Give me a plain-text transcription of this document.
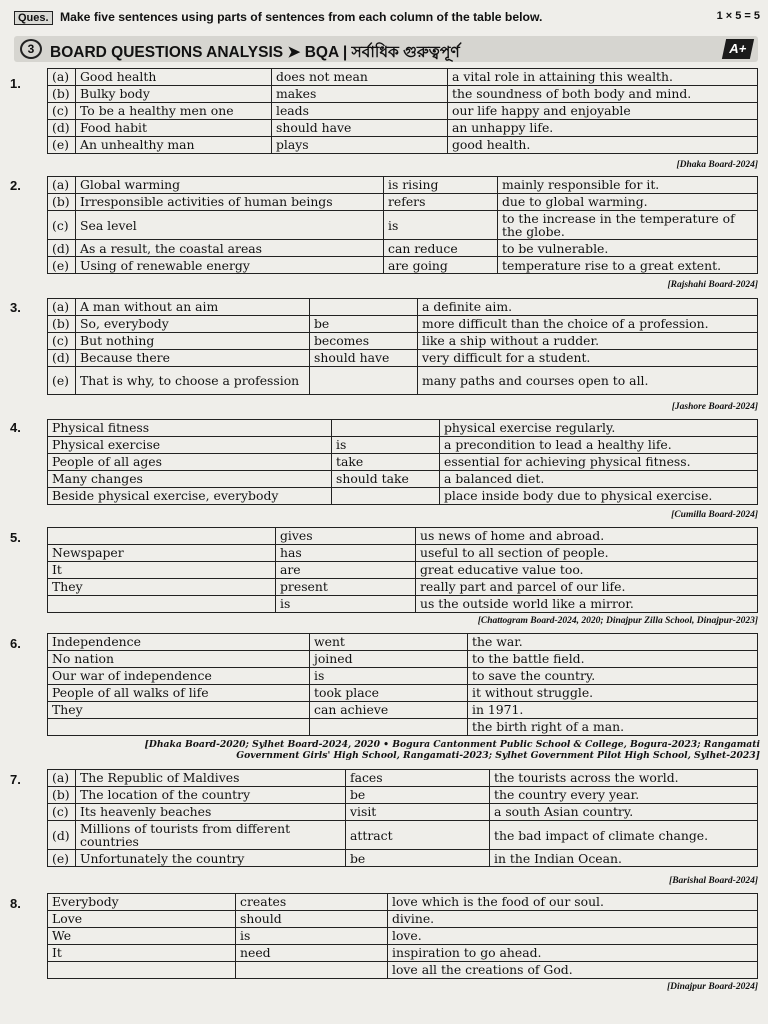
Ques. Make five sentences using parts of sentences from each column of the table below.	1 × 5 = 5
3	BOARD QUESTIONS ANALYSIS ➤ BQA | সর্বাধিক গুরুত্বপূর্ণ	A+
1.	(a)	Good health	does not mean	a vital role in attaining this wealth.
(b)	Bulky body	makes	the soundness of both body and mind.
(c)	To be a healthy men one	leads	our life happy and enjoyable
(d)	Food habit	should have	an unhappy life.
(e)	An unhealthy man	plays	good health.
[Dhaka Board-2024]
2.	(a)	Global warming	is rising	mainly responsible for it.
(b)	Irresponsible activities of human beings	refers	due to global warming.
(c)	Sea level	is	to the increase in the temperature of the globe.
(d)	As a result, the coastal areas	can reduce	to be vulnerable.
(e)	Using of renewable energy	are going	temperature rise to a great extent.
[Rajshahi Board-2024]
3.	(a)	A man without an aim		a definite aim.
(b)	So, everybody	be	more difficult than the choice of a profession.
(c)	But nothing	becomes	like a ship without a rudder.
(d)	Because there	should have	very difficult for a student.
(e)	That is why, to choose a profession		many paths and courses open to all.
[Jashore Board-2024]
4.	Physical fitness		physical exercise regularly.
Physical exercise	is	a precondition to lead a healthy life.
People of all ages	take	essential for achieving physical fitness.
Many changes	should take	a balanced diet.
Beside physical exercise, everybody		place inside body due to physical exercise.
[Cumilla Board-2024]
5.
		gives	us news of home and abroad.
Newspaper	has	useful to all section of people.
It	are	great educative value too.
They	present	really part and parcel of our life.
	is	us the outside world like a mirror.
[Chattogram Board-2024, 2020; Dinajpur Zilla School, Dinajpur-2023]
6.	Independence	went	the war.
No nation	joined	to the battle field.
Our war of independence	is	to save the country.
People of all walks of life	took place	it without struggle.
They	can achieve	in 1971.
		the birth right of a man.
[Dhaka Board-2020; Sylhet Board-2024, 2020 • Bogura Cantonment Public School & College, Bogura-2023; Rangamati Government Girls' High School, Rangamati-2023; Sylhet Government Pilot High School, Sylhet-2023]
7.	(a)	The Republic of Maldives	faces	the tourists across the world.
(b)	The location of the country	be	the country every year.
(c)	Its heavenly beaches	visit	a south Asian country.
(d)	Millions of tourists from different countries	attract	the bad impact of climate change.
(e)	Unfortunately the country	be	in the Indian Ocean.
[Barishal Board-2024]
8.	Everybody	creates	love which is the food of our soul.
Love	should	divine.
We	is	love.
It	need	inspiration to go ahead.
		love all the creations of God.
[Dinajpur Board-2024]
